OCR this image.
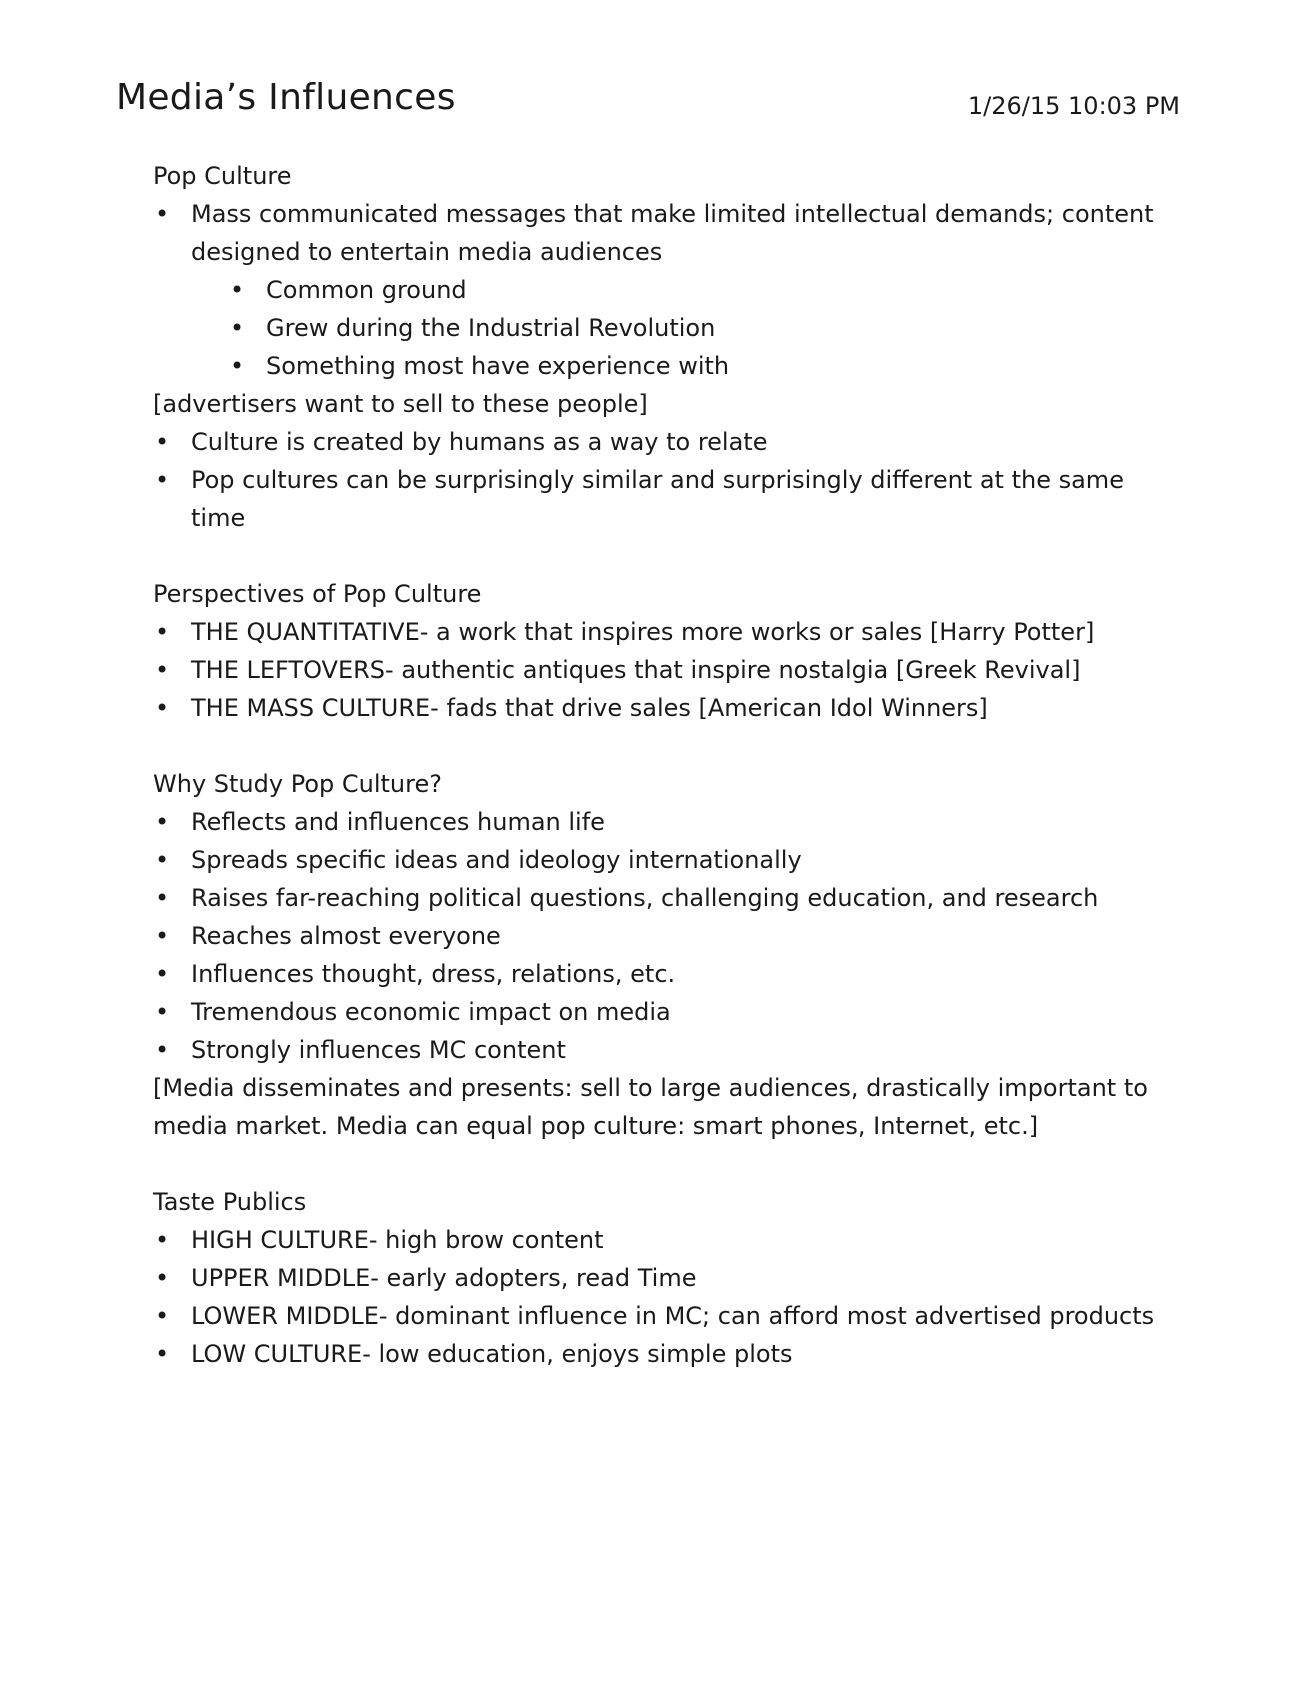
Media’s Influences	1/26/15 10:03 PM

Pop Culture

• Mass communicated messages that make limited intellectual demands; content designed to entertain media audiences
• Common ground
• Grew during the Industrial Revolution
• Something most have experience with

[advertisers want to sell to these people]

• Culture is created by humans as a way to relate
• Pop cultures can be surprisingly similar and surprisingly different at the same time

Perspectives of Pop Culture

• THE QUANTITATIVE- a work that inspires more works or sales [Harry Potter]
• THE LEFTOVERS- authentic antiques that inspire nostalgia [Greek Revival]
• THE MASS CULTURE- fads that drive sales [American Idol Winners]

Why Study Pop Culture?

• Reflects and influences human life
• Spreads specific ideas and ideology internationally
• Raises far-reaching political questions, challenging education, and research
• Reaches almost everyone
• Influences thought, dress, relations, etc.
• Tremendous economic impact on media
• Strongly influences MC content

[Media disseminates and presents: sell to large audiences, drastically important to media market. Media can equal pop culture: smart phones, Internet, etc.]

Taste Publics

• HIGH CULTURE- high brow content
• UPPER MIDDLE- early adopters, read Time
• LOWER MIDDLE- dominant influence in MC; can afford most advertised products
• LOW CULTURE- low education, enjoys simple plots
